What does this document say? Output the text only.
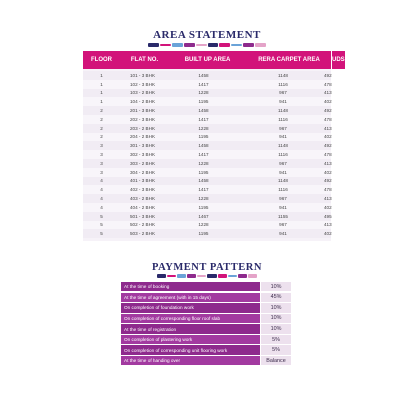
AREA STATEMENT
FLOOR	FLAT NO.	BUILT UP AREA	RERA CARPET AREA	UDS
1	101 - 3 BHK	1458	1148	492
1	102 - 3 BHK	1417	1116	478
1	103 - 2 BHK	1228	967	413
1	104 - 2 BHK	1195	941	402
2	201 - 3 BHK	1458	1148	492
2	202 - 3 BHK	1417	1116	478
2	203 - 2 BHK	1228	967	413
2	204 - 2 BHK	1195	941	402
3	301 - 3 BHK	1458	1148	492
3	302 - 3 BHK	1417	1116	478
3	303 - 2 BHK	1228	967	413
3	304 - 2 BHK	1195	941	402
4	401 - 3 BHK	1458	1148	492
4	402 - 3 BHK	1417	1116	478
4	403 - 2 BHK	1228	967	413
4	404 - 2 BHK	1195	941	402
5	501 - 3 BHK	1467	1155	495
5	502 - 2 BHK	1228	967	413
5	503 - 2 BHK	1195	941	402
PAYMENT PATTERN
At the time of booking	10%
At the time of agreement (with in 15 days)	45%
On completion of foundation work	10%
On completion of corresponding floor roof slab	10%
At the time of registration	10%
On completion of plastering work	5%
On completion of corresponding unit flooring work	5%
At the time of handing over	Balance
